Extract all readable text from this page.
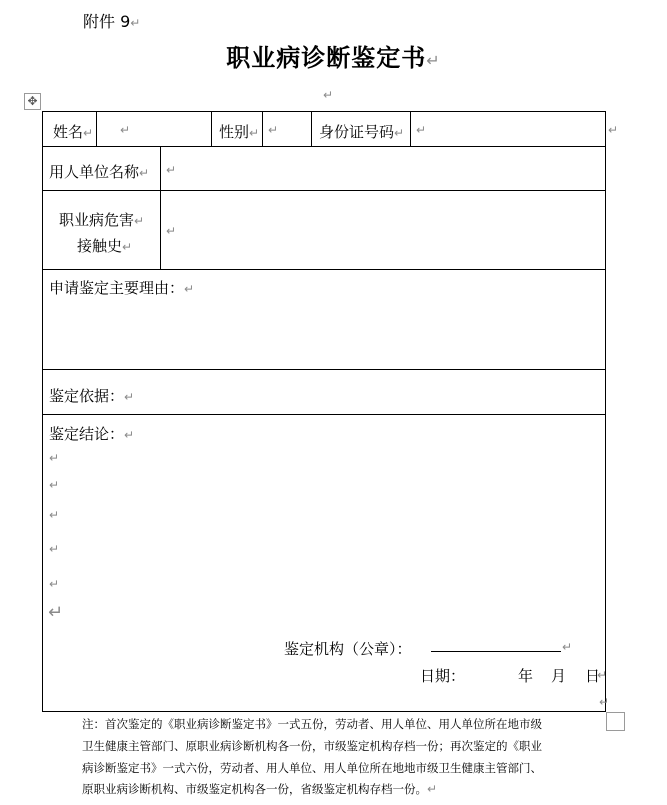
附件 9↵
职业病诊断鉴定书↵
✥	↵
姓名↵ ↵	性别↵ ↵	身份证号码↵ ↵	↵
用人单位名称↵ ↵
职业病危害↵
接触史↵
↵
申请鉴定主要理由：↵
鉴定依据：↵
鉴定结论：↵
↵
↵
↵
↵
↵
↵
鉴定机构（公章）：	↵
日期：	年 月 日
↵
↵
注：首次鉴定的《职业病诊断鉴定书》一式五份，劳动者、用人单位、用人单位所在地市级
卫生健康主管部门、原职业病诊断机构各一份，市级鉴定机构存档一份；再次鉴定的《职业
病诊断鉴定书》一式六份，劳动者、用人单位、用人单位所在地地市级卫生健康主管部门、
原职业病诊断机构、市级鉴定机构各一份，省级鉴定机构存档一份。↵
